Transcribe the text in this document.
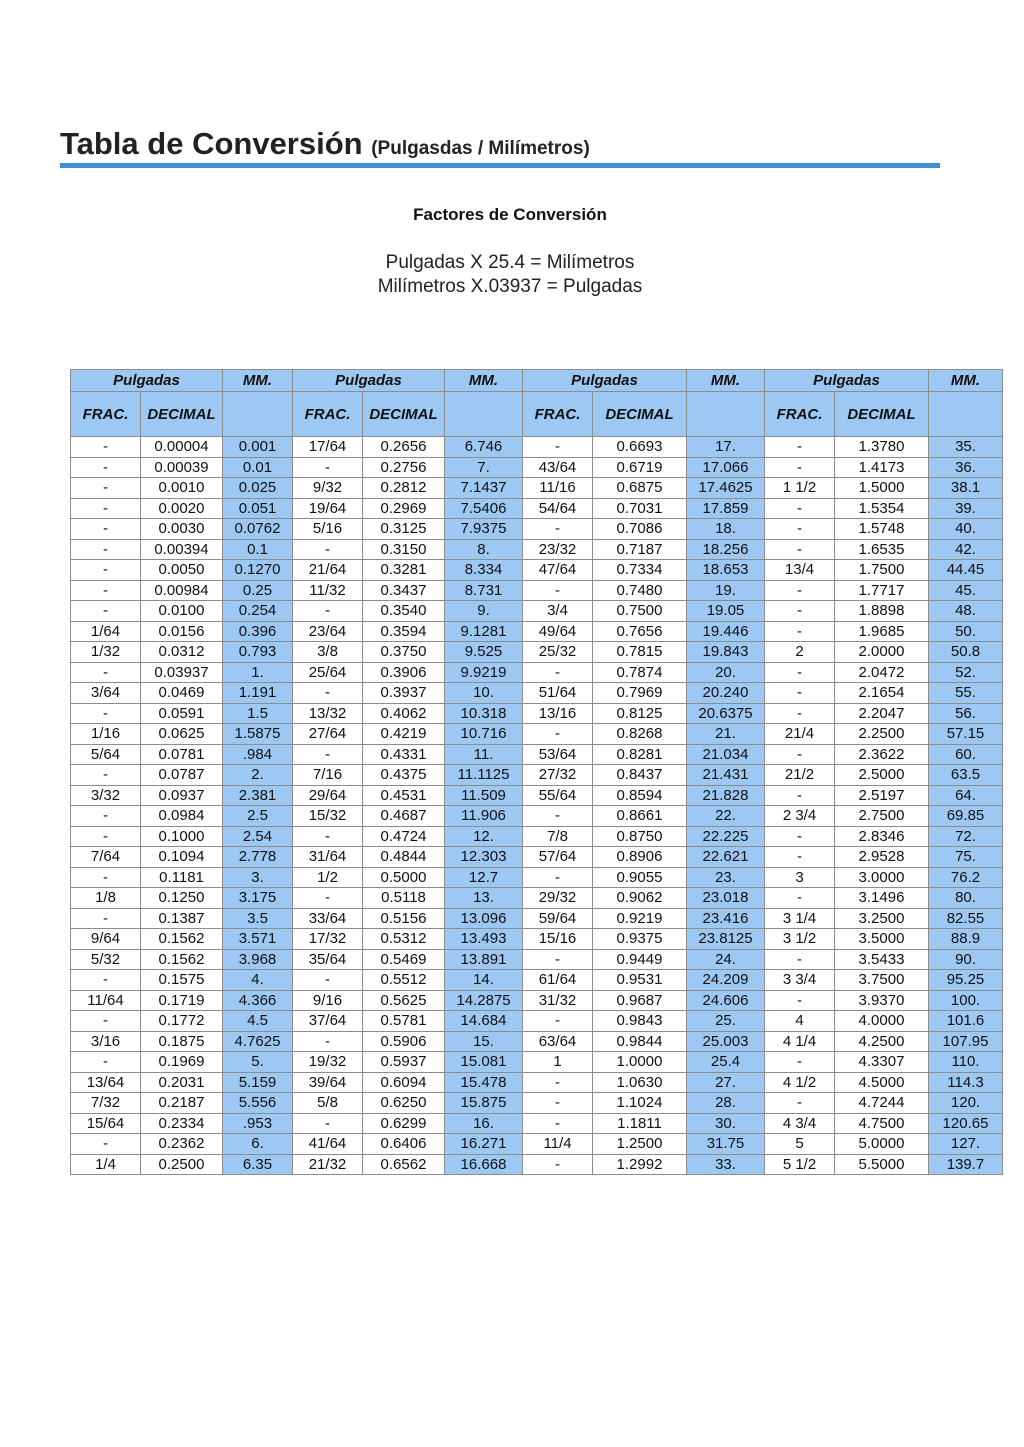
Tabla de Conversión (Pulgasdas / Milímetros)
Factores de Conversión
Pulgadas X 25.4 = Milímetros
Milímetros X.03937 = Pulgadas
Pulgadas		MM.	Pulgadas		MM.	Pulgadas		MM.	Pulgadas		MM.
FRAC.	DECIMAL		FRAC.	DECIMAL		FRAC.	DECIMAL		FRAC.	DECIMAL	
-	0.00004	0.001	17/64	0.2656	6.746	-	0.6693	17.	-	1.3780	35.
-	0.00039	0.01	-	0.2756	7.	43/64	0.6719	17.066	-	1.4173	36.
-	0.0010	0.025	9/32	0.2812	7.1437	11/16	0.6875	17.4625	1 1/2	1.5000	38.1
-	0.0020	0.051	19/64	0.2969	7.5406	54/64	0.7031	17.859	-	1.5354	39.
-	0.0030	0.0762	5/16	0.3125	7.9375	-	0.7086	18.	-	1.5748	40.
-	0.00394	0.1	-	0.3150	8.	23/32	0.7187	18.256	-	1.6535	42.
-	0.0050	0.1270	21/64	0.3281	8.334	47/64	0.7334	18.653	13/4	1.7500	44.45
-	0.00984	0.25	11/32	0.3437	8.731	-	0.7480	19.	-	1.7717	45.
-	0.0100	0.254	-	0.3540	9.	3/4	0.7500	19.05	-	1.8898	48.
1/64	0.0156	0.396	23/64	0.3594	9.1281	49/64	0.7656	19.446	-	1.9685	50.
1/32	0.0312	0.793	3/8	0.3750	9.525	25/32	0.7815	19.843	2	2.0000	50.8
-	0.03937	1.	25/64	0.3906	9.9219	-	0.7874	20.	-	2.0472	52.
3/64	0.0469	1.191	-	0.3937	10.	51/64	0.7969	20.240	-	2.1654	55.
-	0.0591	1.5	13/32	0.4062	10.318	13/16	0.8125	20.6375	-	2.2047	56.
1/16	0.0625	1.5875	27/64	0.4219	10.716	-	0.8268	21.	21/4	2.2500	57.15
5/64	0.0781	.984	-	0.4331	11.	53/64	0.8281	21.034	-	2.3622	60.
-	0.0787	2.	7/16	0.4375	11.1125	27/32	0.8437	21.431	21/2	2.5000	63.5
3/32	0.0937	2.381	29/64	0.4531	11.509	55/64	0.8594	21.828	-	2.5197	64.
-	0.0984	2.5	15/32	0.4687	11.906	-	0.8661	22.	2 3/4	2.7500	69.85
-	0.1000	2.54	-	0.4724	12.	7/8	0.8750	22.225	-	2.8346	72.
7/64	0.1094	2.778	31/64	0.4844	12.303	57/64	0.8906	22.621	-	2.9528	75.
-	0.1181	3.	1/2	0.5000	12.7	-	0.9055	23.	3	3.0000	76.2
1/8	0.1250	3.175	-	0.5118	13.	29/32	0.9062	23.018	-	3.1496	80.
-	0.1387	3.5	33/64	0.5156	13.096	59/64	0.9219	23.416	3 1/4	3.2500	82.55
9/64	0.1562	3.571	17/32	0.5312	13.493	15/16	0.9375	23.8125	3 1/2	3.5000	88.9
5/32	0.1562	3.968	35/64	0.5469	13.891	-	0.9449	24.	-	3.5433	90.
-	0.1575	4.	-	0.5512	14.	61/64	0.9531	24.209	3 3/4	3.7500	95.25
11/64	0.1719	4.366	9/16	0.5625	14.2875	31/32	0.9687	24.606	-	3.9370	100.
-	0.1772	4.5	37/64	0.5781	14.684	-	0.9843	25.	4	4.0000	101.6
3/16	0.1875	4.7625	-	0.5906	15.	63/64	0.9844	25.003	4 1/4	4.2500	107.95
-	0.1969	5.	19/32	0.5937	15.081	1	1.0000	25.4	-	4.3307	110.
13/64	0.2031	5.159	39/64	0.6094	15.478	-	1.0630	27.	4 1/2	4.5000	114.3
7/32	0.2187	5.556	5/8	0.6250	15.875	-	1.1024	28.	-	4.7244	120.
15/64	0.2334	.953	-	0.6299	16.	-	1.1811	30.	4 3/4	4.7500	120.65
-	0.2362	6.	41/64	0.6406	16.271	11/4	1.2500	31.75	5	5.0000	127.
1/4	0.2500	6.35	21/32	0.6562	16.668	-	1.2992	33.	5 1/2	5.5000	139.7
